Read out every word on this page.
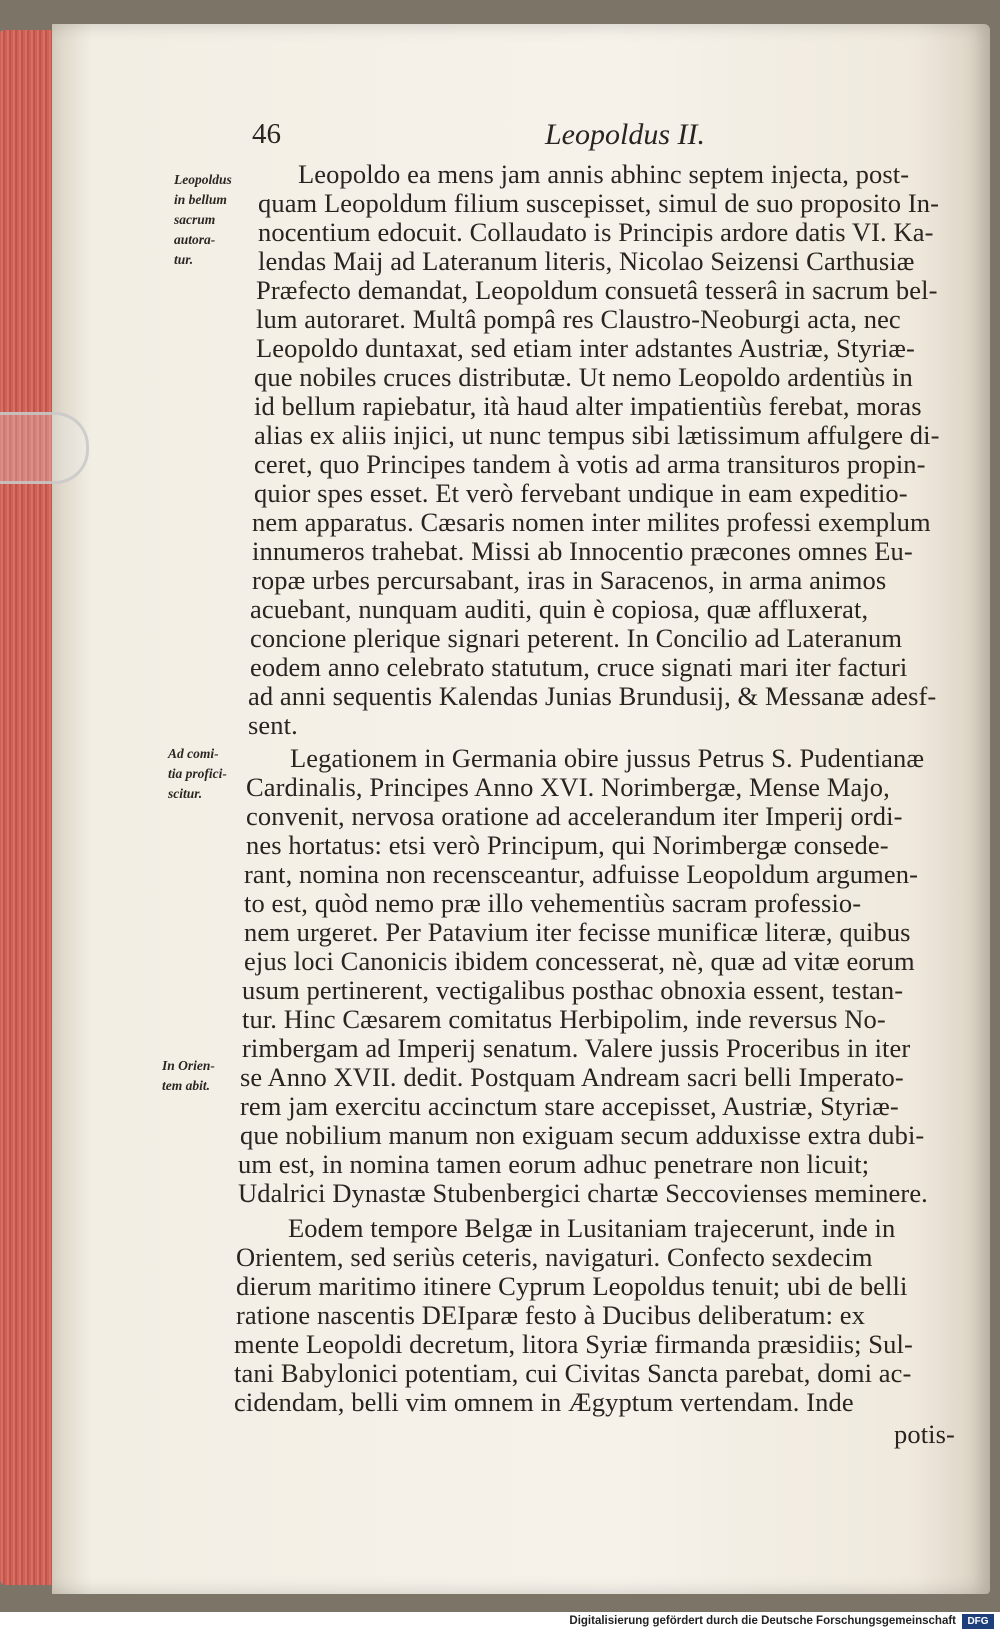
46	Leopoldus II.
Leopoldus
in bellum
sacrum
autora-
tur.
Ad comi-
tia profici-
scitur.
In Orien-
tem abit.
Leopoldo ea mens jam annis abhinc septem injecta, post-
quam Leopoldum filium suscepisset, simul de suo proposito In-
nocentium edocuit. Collaudato is Principis ardore datis VI. Ka-
lendas Maij ad Lateranum literis, Nicolao Seizensi Carthusiæ
Præfecto demandat, Leopoldum consuetâ tesserâ in sacrum bel-
lum autoraret. Multâ pompâ res Claustro-Neoburgi acta, nec
Leopoldo duntaxat, sed etiam inter adstantes Austriæ, Styriæ-
que nobiles cruces distributæ. Ut nemo Leopoldo ardentiùs in
id bellum rapiebatur, ità haud alter impatientiùs ferebat, moras
alias ex aliis injici, ut nunc tempus sibi lætissimum affulgere di-
ceret, quo Principes tandem à votis ad arma transituros propin-
quior spes esset. Et verò fervebant undique in eam expeditio-
nem apparatus. Cæsaris nomen inter milites professi exemplum
innumeros trahebat. Missi ab Innocentio præcones omnes Eu-
ropæ urbes percursabant, iras in Saracenos, in arma animos
acuebant, nunquam auditi, quin è copiosa, quæ affluxerat,
concione plerique signari peterent. In Concilio ad Lateranum
eodem anno celebrato statutum, cruce signati mari iter facturi
ad anni sequentis Kalendas Junias Brundusij, & Messanæ adesf-
sent.
Legationem in Germania obire jussus Petrus S. Pudentianæ
Cardinalis, Principes Anno XVI. Norimbergæ, Mense Majo,
convenit, nervosa oratione ad accelerandum iter Imperij ordi-
nes hortatus: etsi verò Principum, qui Norimbergæ consede-
rant, nomina non recensceantur, adfuisse Leopoldum argumen-
to est, quòd nemo præ illo vehementiùs sacram professio-
nem urgeret. Per Patavium iter fecisse munificæ literæ, quibus
ejus loci Canonicis ibidem concesserat, nè, quæ ad vitæ eorum
usum pertinerent, vectigalibus posthac obnoxia essent, testan-
tur. Hinc Cæsarem comitatus Herbipolim, inde reversus No-
rimbergam ad Imperij senatum. Valere jussis Proceribus in iter
se Anno XVII. dedit. Postquam Andream sacri belli Imperato-
rem jam exercitu accinctum stare accepisset, Austriæ, Styriæ-
que nobilium manum non exiguam secum adduxisse extra dubi-
um est, in nomina tamen eorum adhuc penetrare non licuit;
Udalrici Dynastæ Stubenbergici chartæ Seccovienses meminere.
Eodem tempore Belgæ in Lusitaniam trajecerunt, inde in
Orientem, sed seriùs ceteris, navigaturi. Confecto sexdecim
dierum maritimo itinere Cyprum Leopoldus tenuit; ubi de belli
ratione nascentis DEIparæ festo à Ducibus deliberatum: ex
mente Leopoldi decretum, litora Syriæ firmanda præsidiis; Sul-
tani Babylonici potentiam, cui Civitas Sancta parebat, domi ac-
cidendam, belli vim omnem in Ægyptum vertendam. Inde
potis-
Digitalisierung gefördert durch die Deutsche Forschungsgemeinschaft	DFG
